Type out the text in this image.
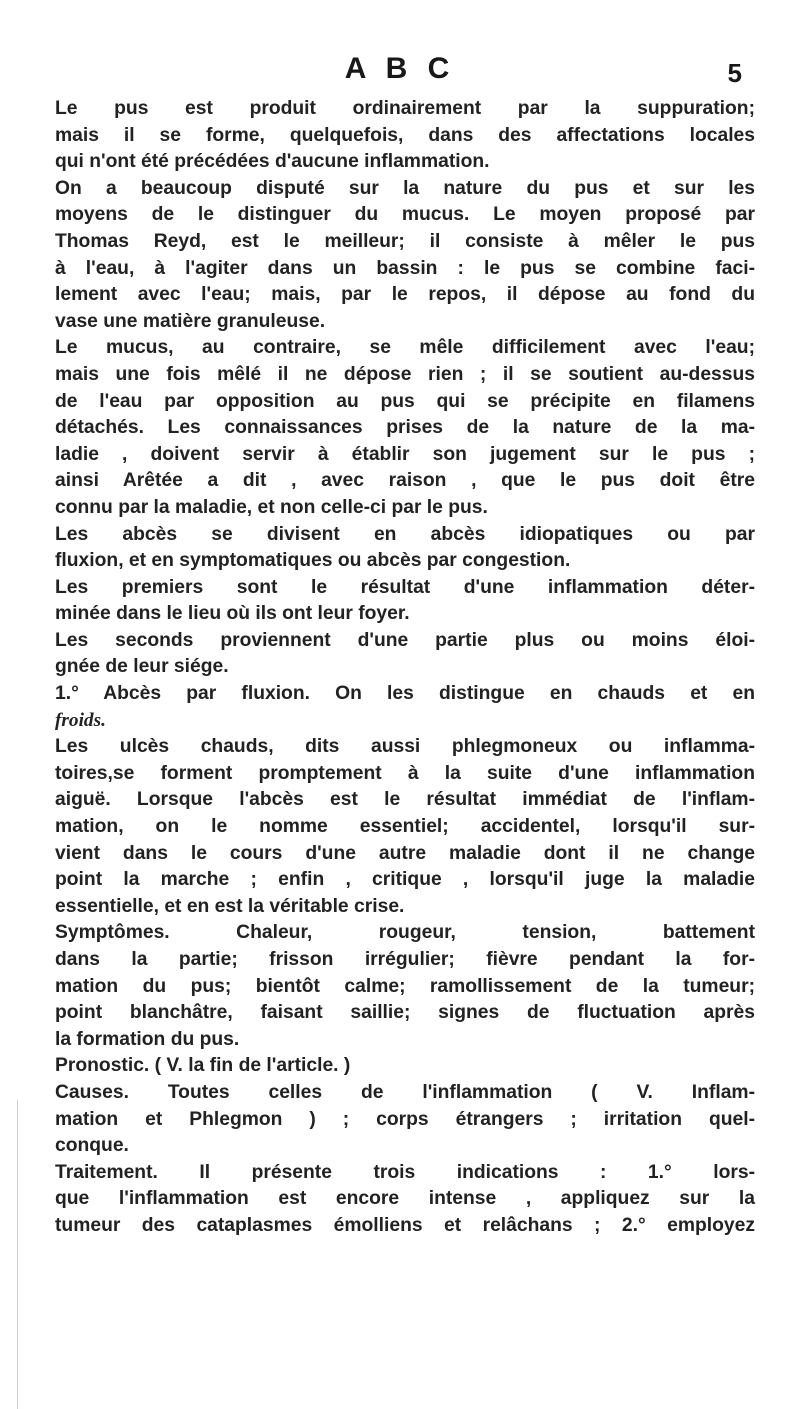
A B C	5
Le pus est produit ordinairement par la suppuration;
mais il se forme, quelquefois, dans des affectations locales
qui n'ont été précédées d'aucune inflammation.
On a beaucoup disputé sur la nature du pus et sur les
moyens de le distinguer du mucus. Le moyen proposé par
Thomas Reyd, est le meilleur; il consiste à mêler le pus
à l'eau, à l'agiter dans un bassin : le pus se combine faci-
lement avec l'eau; mais, par le repos, il dépose au fond du
vase une matière granuleuse.
Le mucus, au contraire, se mêle difficilement avec l'eau;
mais une fois mêlé il ne dépose rien ; il se soutient au-dessus
de l'eau par opposition au pus qui se précipite en filamens
détachés. Les connaissances prises de la nature de la ma-
ladie , doivent servir à établir son jugement sur le pus ;
ainsi Arêtée a dit , avec raison , que le pus doit être
connu par la maladie, et non celle-ci par le pus.
Les abcès se divisent en abcès idiopatiques ou par
fluxion, et en symptomatiques ou abcès par congestion.
Les premiers sont le résultat d'une inflammation déter-
minée dans le lieu où ils ont leur foyer.
Les seconds proviennent d'une partie plus ou moins éloi-
gnée de leur siége.
1.° Abcès par fluxion. On les distingue en chauds et en
froids.
Les ulcès chauds, dits aussi phlegmoneux ou inflamma-
toires,se forment promptement à la suite d'une inflammation
aiguë. Lorsque l'abcès est le résultat immédiat de l'inflam-
mation, on le nomme essentiel; accidentel, lorsqu'il sur-
vient dans le cours d'une autre maladie dont il ne change
point la marche ; enfin , critique , lorsqu'il juge la maladie
essentielle, et en est la véritable crise.
Symptômes. Chaleur, rougeur, tension, battement
dans la partie; frisson irrégulier; fièvre pendant la for-
mation du pus; bientôt calme; ramollissement de la tumeur;
point blanchâtre, faisant saillie; signes de fluctuation après
la formation du pus.
Pronostic. ( V. la fin de l'article. )
Causes. Toutes celles de l'inflammation ( V. Inflam-
mation et Phlegmon ) ; corps étrangers ; irritation quel-
conque.
Traitement. Il présente trois indications : 1.° lors-
que l'inflammation est encore intense , appliquez sur la
tumeur des cataplasmes émolliens et relâchans ; 2.° employez
